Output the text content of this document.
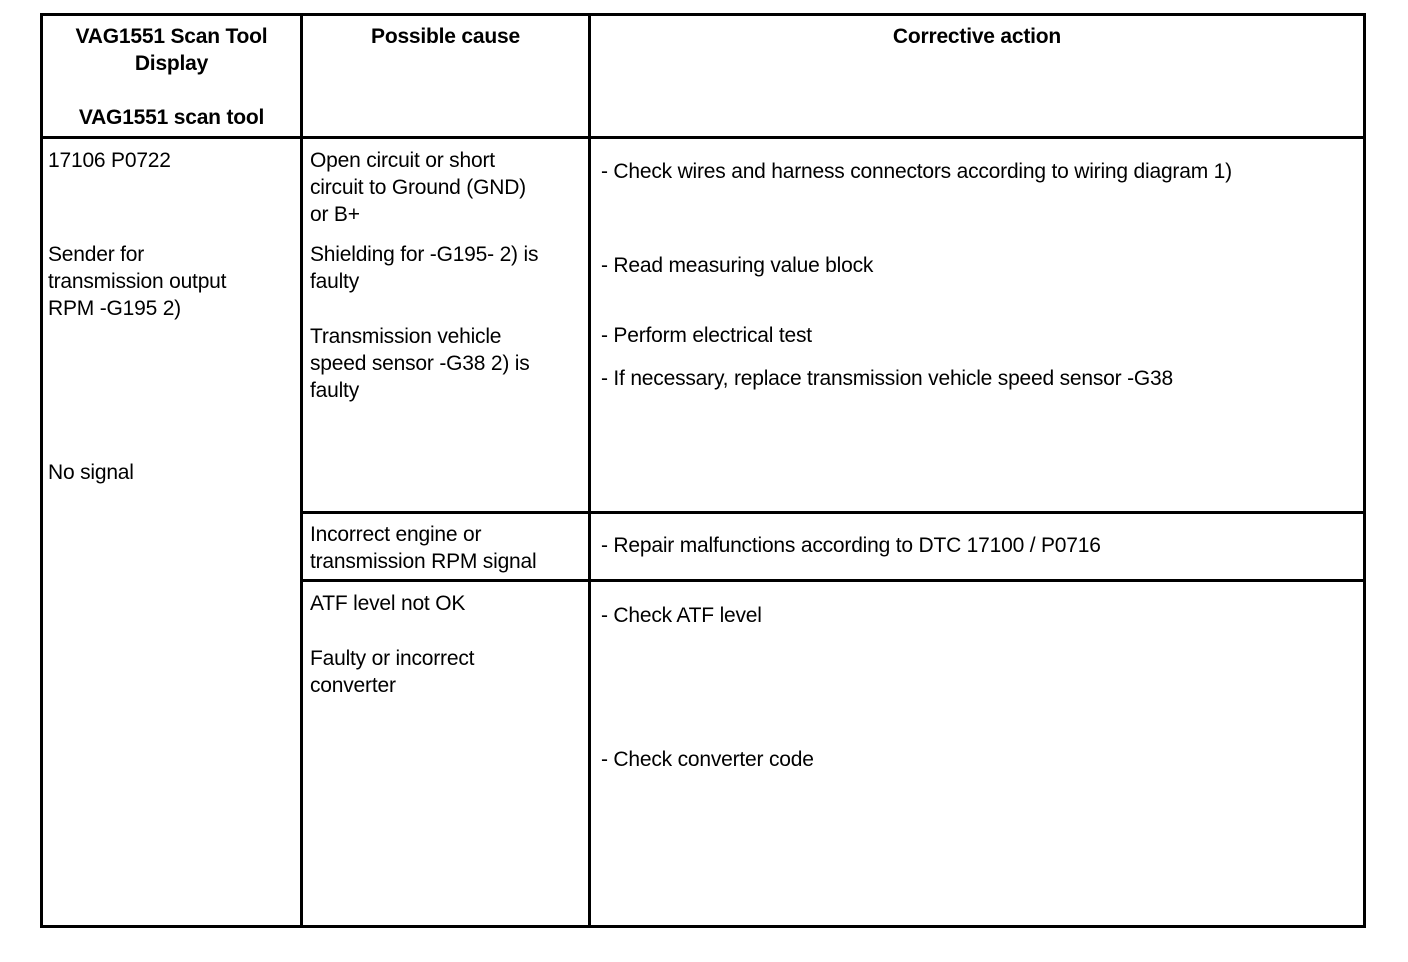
VAG1551 Scan Tool
Display
VAG1551 scan tool
Possible cause	Corrective action
17106 P0722
Sender for
transmission output
RPM -G195 2)
No signal
Open circuit or short
circuit to Ground (GND)
or B+
Shielding for -G195- 2) is
faulty
Transmission vehicle
speed sensor -G38 2) is
faulty
Incorrect engine or
transmission RPM signal
ATF level not OK
Faulty or incorrect
converter
- Check wires and harness connectors according to wiring diagram 1)
- Read measuring value block
- Perform electrical test
- If necessary, replace transmission vehicle speed sensor -G38
- Repair malfunctions according to DTC 17100 / P0716
- Check ATF level
- Check converter code
